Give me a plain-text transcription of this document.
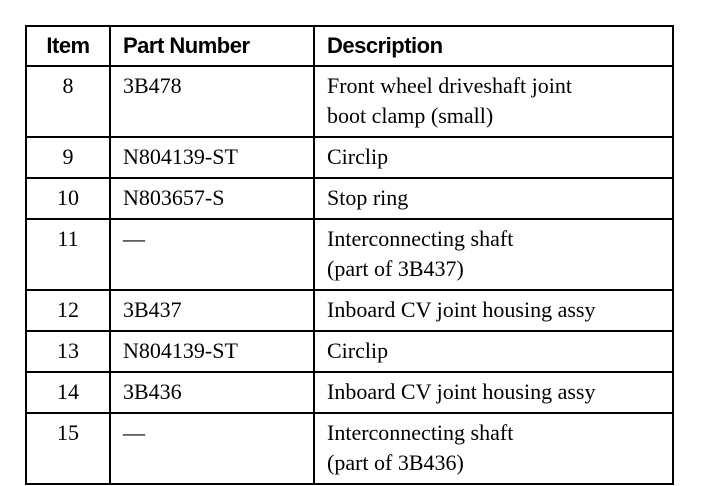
Item	Part Number	Description
8	3B478	Front wheel driveshaft joint
boot clamp (small)

9	N804139-ST	Circlip

10	N803657-S	Stop ring

11	—	Interconnecting shaft
(part of 3B437)

12	3B437	Inboard CV joint housing assy

13	N804139-ST	Circlip

14	3B436	Inboard CV joint housing assy

15	—	Interconnecting shaft
(part of 3B436)
